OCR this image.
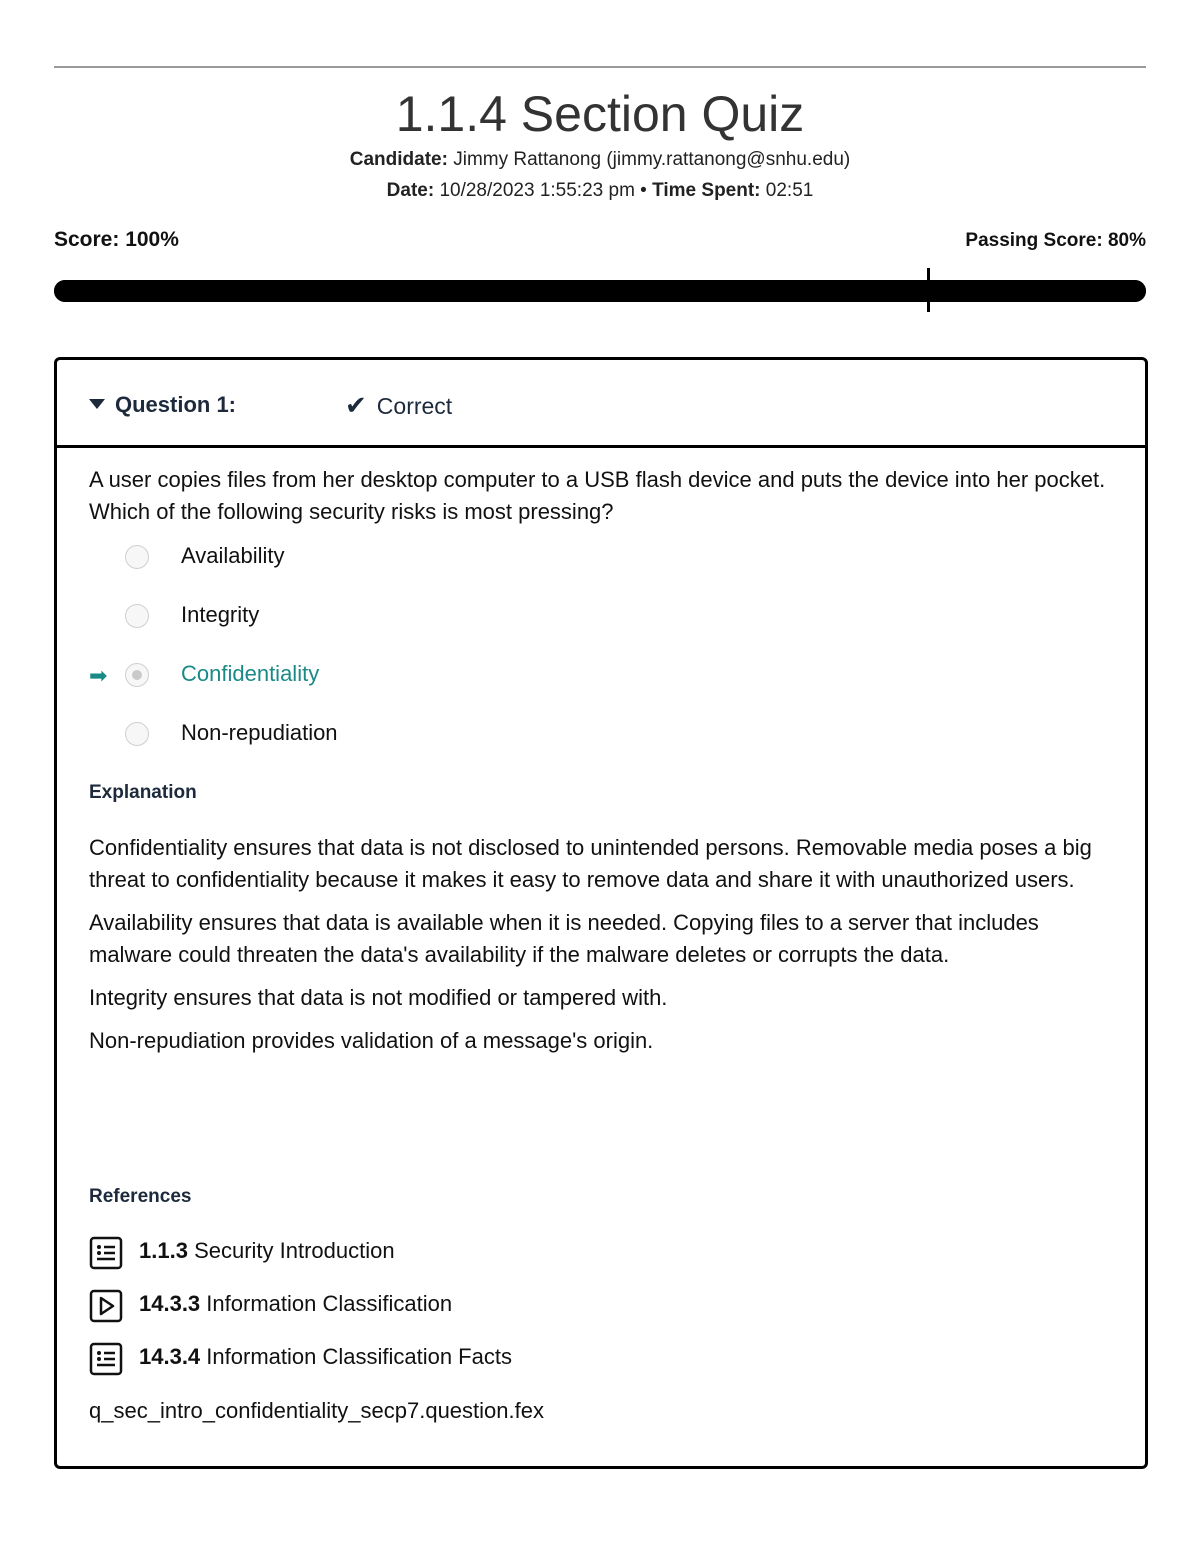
1.1.4 Section Quiz
Candidate: Jimmy Rattanong (jimmy.rattanong@snhu.edu)
Date: 10/28/2023 1:55:23 pm • Time Spent: 02:51
Score: 100%	Passing Score: 80%
Question 1:	✔ Correct
A user copies files from her desktop computer to a USB flash device and puts the device into her pocket. Which of the following security risks is most pressing?
Availability
Integrity
➡	Confidentiality
Non-repudiation
Explanation

Confidentiality ensures that data is not disclosed to unintended persons. Removable media poses a big threat to confidentiality because it makes it easy to remove data and share it with unauthorized users.

Availability ensures that data is available when it is needed. Copying files to a server that includes malware could threaten the data's availability if the malware deletes or corrupts the data.

Integrity ensures that data is not modified or tampered with.

Non-repudiation provides validation of a message's origin.

References
1.1.3 Security Introduction
14.3.3 Information Classification
14.3.4 Information Classification Facts
q_sec_intro_confidentiality_secp7.question.fex
